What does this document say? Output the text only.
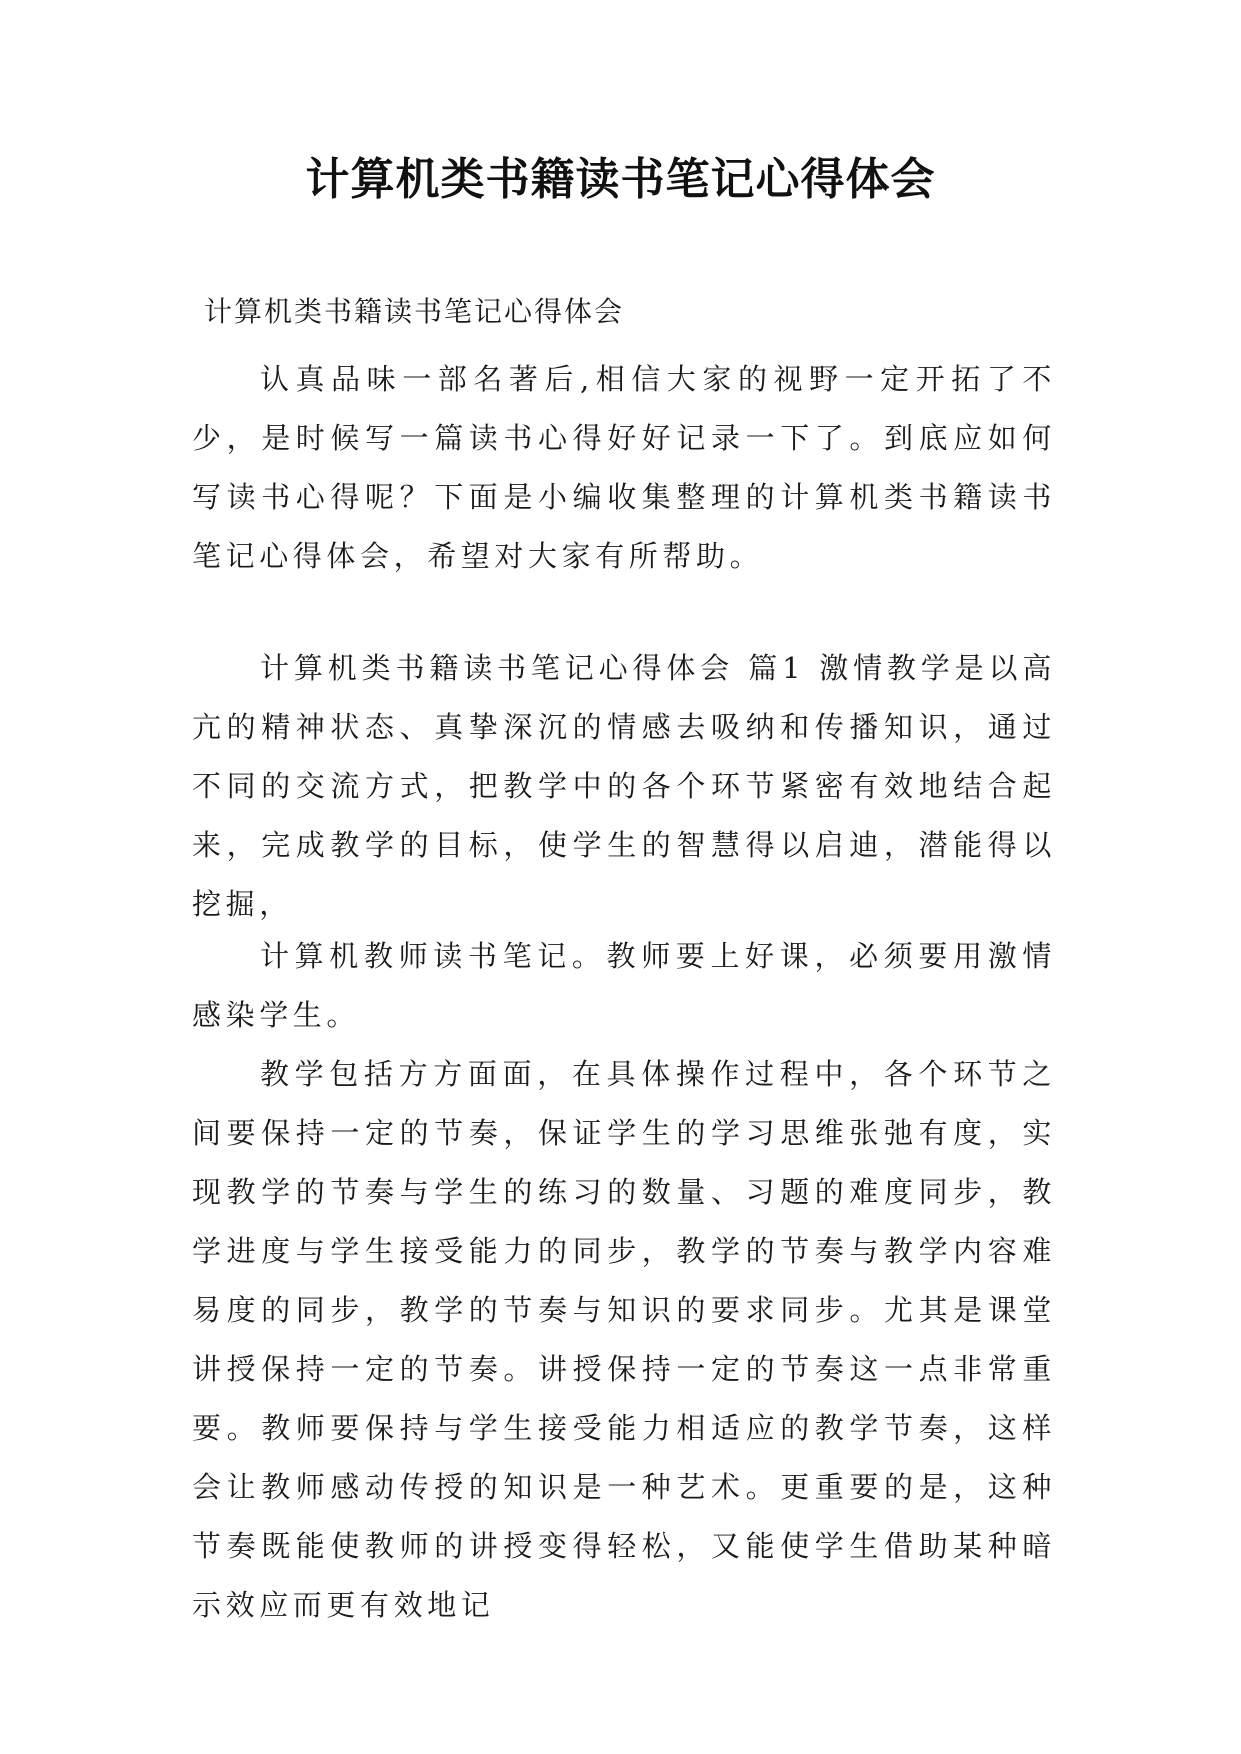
计算机类书籍读书笔记心得体会
计算机类书籍读书笔记心得体会

认真品味一部名著后,相信大家的视野一定开拓了不少，是时候写一篇读书心得好好记录一下了。到底应如何写读书心得呢？下面是小编收集整理的计算机类书籍读书笔记心得体会，希望对大家有所帮助。

计算机类书籍读书笔记心得体会 篇1 激情教学是以高亢的精神状态、真挚深沉的情感去吸纳和传播知识，通过不同的交流方式，把教学中的各个环节紧密有效地结合起来，完成教学的目标，使学生的智慧得以启迪，潜能得以挖掘，

计算机教师读书笔记。教师要上好课，必须要用激情感染学生。

教学包括方方面面，在具体操作过程中，各个环节之间要保持一定的节奏，保证学生的学习思维张弛有度，实现教学的节奏与学生的练习的数量、习题的难度同步，教学进度与学生接受能力的同步，教学的节奏与教学内容难易度的同步，教学的节奏与知识的要求同步。尤其是课堂讲授保持一定的节奏。讲授保持一定的节奏这一点非常重要。教师要保持与学生接受能力相适应的教学节奏，这样会让教师感动传授的知识是一种艺术。更重要的是，这种节奏既能使教师的讲授变得轻松，又能使学生借助某种暗示效应而更有效地记
